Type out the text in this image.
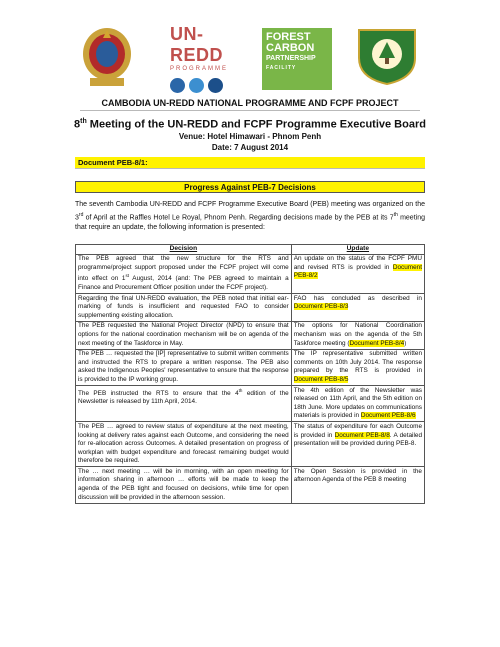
UN-REDD
PROGRAMME
FOREST
CARBON
PARTNERSHIP
FACILITY
CAMBODIA UN-REDD NATIONAL PROGRAMME AND FCPF PROJECT
8th Meeting of the UN-REDD and FCPF Programme Executive Board
Venue: Hotel Himawari - Phnom Penh
Date: 7 August 2014
Document PEB-8/1:
Progress Against PEB-7 Decisions
The seventh Cambodia UN-REDD and FCPF Programme Executive Board (PEB) meeting was organized on the 3rd of April at the Raffles Hotel Le Royal, Phnom Penh. Regarding decisions made by the PEB at its 7th meeting that require an update, the following information is presented:
Decision	Update
The PEB agreed that the new structure for the RTS and programme/project support proposed under the FCPF project will come into effect on 1st August, 2014 (and: The PEB agreed to maintain a Finance and Procurement Officer position under the FCPF project).	An update on the status of the FCPF PMU and revised RTS is provided in Document PEB-8/2
Regarding the final UN-REDD evaluation, the PEB noted that initial ear-marking of funds is insufficient and requested FAO to consider supplementing existing allocation.	FAO has concluded as described in Document PEB-8/3
The PEB requested the National Project Director (NPD) to ensure that options for the national coordination mechanism will be on agenda of the next meeting of the Taskforce in May.	The options for National Coordination mechanism was on the agenda of the 5th Taskforce meeting (Document PEB-8/4)
The PEB … requested the [IP] representative to submit written comments and instructed the RTS to prepare a written response. The PEB also asked the Indigenous Peoples' representative to ensure that the response is provided to the IP working group.	The IP representative submitted written comments on 10th July 2014. The response prepared by the RTS is provided in Document PEB-8/5
The PEB instructed the RTS to ensure that the 4th edition of the Newsletter is released by 11th April, 2014.	The 4th edition of the Newsletter was released on 11th April, and the 5th edition on 18th June. More updates on communications materials is provided in Document PEB-8/6
The PEB … agreed to review status of expenditure at the next meeting, looking at delivery rates against each Outcome, and considering the need for re-allocation across Outcomes. A detailed presentation on progress of workplan with budget expenditure and forecast remaining budget would therefore be required.	The status of expenditure for each Outcome is provided in Document PEB-8/8. A detailed presentation will be provided during PEB-8.
The … next meeting … will be in morning, with an open meeting for information sharing in afternoon … efforts will be made to keep the agenda of the PEB tight and focused on decisions, while time for open discussion will be provided in the afternoon session.	The Open Session is provided in the afternoon Agenda of the PEB 8 meeting
